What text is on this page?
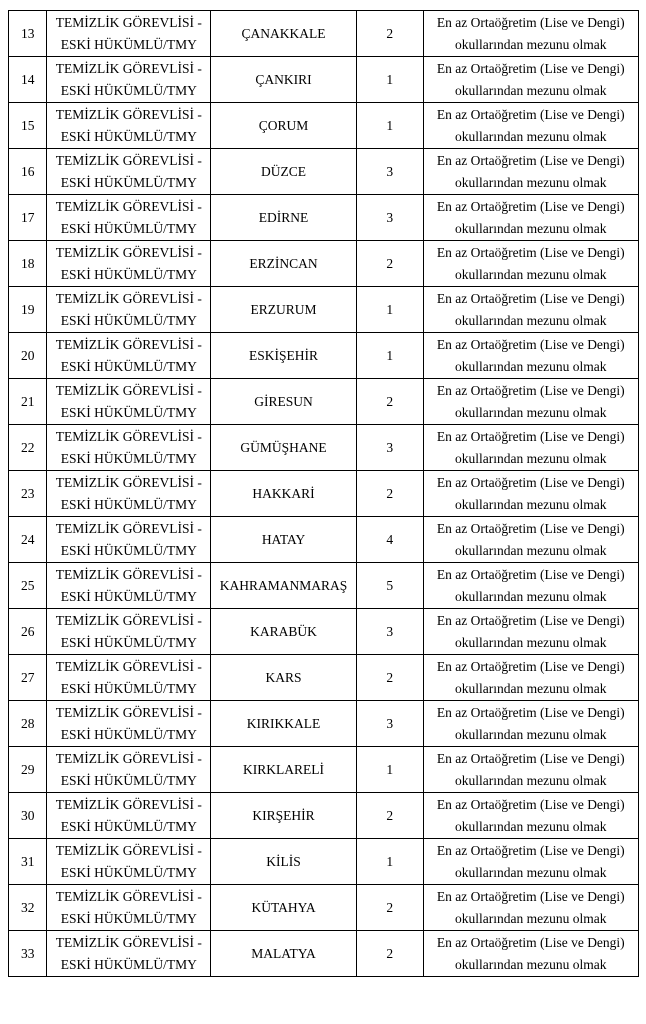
13	TEMİZLİK GÖREVLİSİ -
ESKİ HÜKÜMLÜ/TMY	ÇANAKKALE	2	En az Ortaöğretim (Lise ve Dengi)
okullarından mezunu olmak

14	TEMİZLİK GÖREVLİSİ -
ESKİ HÜKÜMLÜ/TMY	ÇANKIRI	1	En az Ortaöğretim (Lise ve Dengi)
okullarından mezunu olmak

15	TEMİZLİK GÖREVLİSİ -
ESKİ HÜKÜMLÜ/TMY	ÇORUM	1	En az Ortaöğretim (Lise ve Dengi)
okullarından mezunu olmak

16	TEMİZLİK GÖREVLİSİ -
ESKİ HÜKÜMLÜ/TMY	DÜZCE	3	En az Ortaöğretim (Lise ve Dengi)
okullarından mezunu olmak

17	TEMİZLİK GÖREVLİSİ -
ESKİ HÜKÜMLÜ/TMY	EDİRNE	3	En az Ortaöğretim (Lise ve Dengi)
okullarından mezunu olmak

18	TEMİZLİK GÖREVLİSİ -
ESKİ HÜKÜMLÜ/TMY	ERZİNCAN	2	En az Ortaöğretim (Lise ve Dengi)
okullarından mezunu olmak

19	TEMİZLİK GÖREVLİSİ -
ESKİ HÜKÜMLÜ/TMY	ERZURUM	1	En az Ortaöğretim (Lise ve Dengi)
okullarından mezunu olmak

20	TEMİZLİK GÖREVLİSİ -
ESKİ HÜKÜMLÜ/TMY	ESKİŞEHİR	1	En az Ortaöğretim (Lise ve Dengi)
okullarından mezunu olmak

21	TEMİZLİK GÖREVLİSİ -
ESKİ HÜKÜMLÜ/TMY	GİRESUN	2	En az Ortaöğretim (Lise ve Dengi)
okullarından mezunu olmak

22	TEMİZLİK GÖREVLİSİ -
ESKİ HÜKÜMLÜ/TMY	GÜMÜŞHANE	3	En az Ortaöğretim (Lise ve Dengi)
okullarından mezunu olmak

23	TEMİZLİK GÖREVLİSİ -
ESKİ HÜKÜMLÜ/TMY	HAKKARİ	2	En az Ortaöğretim (Lise ve Dengi)
okullarından mezunu olmak

24	TEMİZLİK GÖREVLİSİ -
ESKİ HÜKÜMLÜ/TMY	HATAY	4	En az Ortaöğretim (Lise ve Dengi)
okullarından mezunu olmak

25	TEMİZLİK GÖREVLİSİ -
ESKİ HÜKÜMLÜ/TMY	KAHRAMANMARAŞ	5	En az Ortaöğretim (Lise ve Dengi)
okullarından mezunu olmak

26	TEMİZLİK GÖREVLİSİ -
ESKİ HÜKÜMLÜ/TMY	KARABÜK	3	En az Ortaöğretim (Lise ve Dengi)
okullarından mezunu olmak

27	TEMİZLİK GÖREVLİSİ -
ESKİ HÜKÜMLÜ/TMY	KARS	2	En az Ortaöğretim (Lise ve Dengi)
okullarından mezunu olmak

28	TEMİZLİK GÖREVLİSİ -
ESKİ HÜKÜMLÜ/TMY	KIRIKKALE	3	En az Ortaöğretim (Lise ve Dengi)
okullarından mezunu olmak

29	TEMİZLİK GÖREVLİSİ -
ESKİ HÜKÜMLÜ/TMY	KIRKLARELİ	1	En az Ortaöğretim (Lise ve Dengi)
okullarından mezunu olmak

30	TEMİZLİK GÖREVLİSİ -
ESKİ HÜKÜMLÜ/TMY	KIRŞEHİR	2	En az Ortaöğretim (Lise ve Dengi)
okullarından mezunu olmak

31	TEMİZLİK GÖREVLİSİ -
ESKİ HÜKÜMLÜ/TMY	KİLİS	1	En az Ortaöğretim (Lise ve Dengi)
okullarından mezunu olmak

32	TEMİZLİK GÖREVLİSİ -
ESKİ HÜKÜMLÜ/TMY	KÜTAHYA	2	En az Ortaöğretim (Lise ve Dengi)
okullarından mezunu olmak

33	TEMİZLİK GÖREVLİSİ -
ESKİ HÜKÜMLÜ/TMY	MALATYA	2	En az Ortaöğretim (Lise ve Dengi)
okullarından mezunu olmak
